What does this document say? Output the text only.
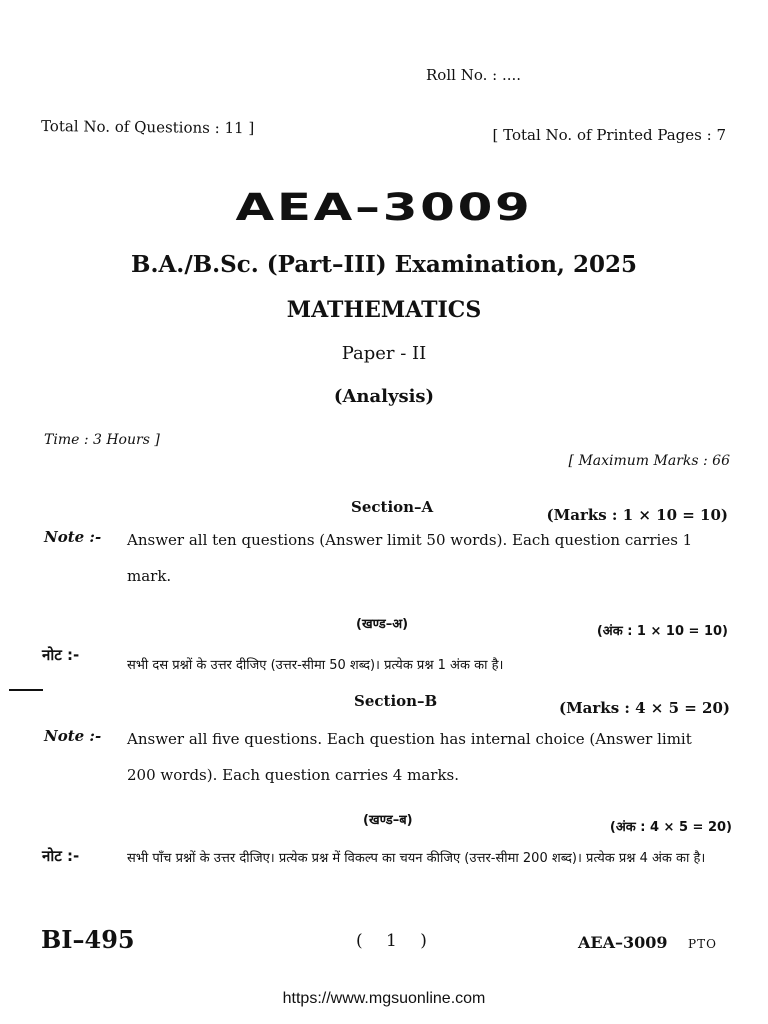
Roll No. : ....
Total No. of Questions : 11 ]	[ Total No. of Printed Pages : 7
AEA–3009
B.A./B.Sc. (Part–III) Examination, 2025
MATHEMATICS
Paper - II
(Analysis)
Time : 3 Hours ]
[ Maximum Marks : 66
Section–A	(Marks : 1 × 10 = 10)
Note :- Answer all ten questions (Answer limit 50 words). Each question carries 1 mark.
(खण्ड–अ)	(अंक : 1 × 10 = 10)
नोट :-
सभी दस प्रश्नों के उत्तर दीजिए (उत्तर-सीमा 50 शब्द)। प्रत्येक प्रश्न 1 अंक का है।
Section–B	(Marks : 4 × 5 = 20)
Note :- Answer all five questions. Each question has internal choice (Answer limit 200 words). Each question carries 4 marks.
(खण्ड–ब)	(अंक : 4 × 5 = 20)
नोट :-	सभी पाँच प्रश्नों के उत्तर दीजिए। प्रत्येक प्रश्न में विकल्प का चयन कीजिए (उत्तर-सीमा 200 शब्द)। प्रत्येक प्रश्न 4 अंक का है।
BI–495	( 1 )	AEA–3009 PTO
https://www.mgsuonline.com
